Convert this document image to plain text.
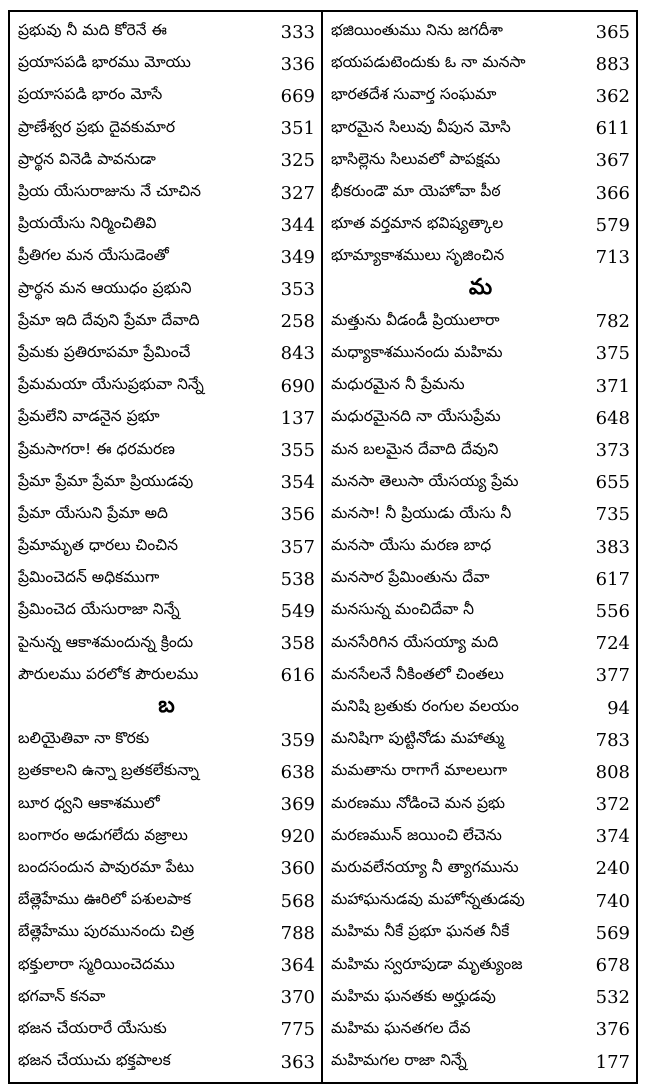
ప్రభువు నీ మది కోరెనే ఈ	333
ప్రయాసపడి భారము మోయు	336
ప్రయాసపడి భారం మోసే	669
ప్రాణేశ్వర ప్రభు దైవకుమార	351
ప్రార్థన వినెడి పావనుడా	325
ప్రియ యేసురాజును నే చూచిన	327
ప్రియయేసు నిర్మించితివి	344
ప్రీతిగల మన యేసుడెంతో	349
ప్రార్థన మన ఆయుధం ప్రభుని	353
ప్రేమా ఇది దేవుని ప్రేమా దేవాది	258
ప్రేమకు ప్రతిరూపమా ప్రేమించే	843
ప్రేమమయా యేసుప్రభువా నిన్నే	690
ప్రేమలేని వాడనైన ప్రభూ	137
ప్రేమసాగరా! ఈ ధరమరణ	355
ప్రేమా ప్రేమా ప్రేమా ప్రియుడవు	354
ప్రేమా యేసుని ప్రేమా అది	356
ప్రేమామృత ధారలు చించిన	357
ప్రేమించెదన్ అధికముగా	538
ప్రేమించెద యేసురాజా నిన్నే	549
పైనున్న ఆకాశమందున్న క్రిందు	358
పౌరులము పరలోక పౌరులము	616
బ
బలియైతివా నా కొరకు	359
బ్రతకాలని ఉన్నా బ్రతకలేకున్నా	638
బూర ధ్వని ఆకాశములో	369
బంగారం అడుగలేదు వజ్రాలు	920
బందసందున పావురమా పేటు	360
బేత్లెహేము ఊరిలో పశులపాక	568
బేత్లెహేము పురమునందు చిత్ర	788
భక్తులారా స్మరియించెదము	364
భగవాన్ కనవా	370
భజన చేయరారే యేసుకు	775
భజన చేయుచు భక్తపాలక	363
భజియింతుము నిను జగదీశా	365
భయపడుటెందుకు ఓ నా మనసా	883
భారతదేశ సువార్త సంఘమా	362
భారమైన సిలువు వీపున మోసి	611
భాసిల్లెను సిలువలో పాపక్షమ	367
భీకరుండౌ మా యెహోవా పీఠ	366
భూత వర్తమాన భవిష్యత్కాల	579
భూమ్యాకాశములు సృజించిన	713
మ
మత్తును వీడండీ ప్రియులారా	782
మధ్యాకాశమునందు మహిమ	375
మధురమైన నీ ప్రేమను	371
మధురమైనది నా యేసుప్రేమ	648
మన బలమైన దేవాది దేవుని	373
మనసా తెలుసా యేసయ్య ప్రేమ	655
మనసా! నీ ప్రియుడు యేసు నీ	735
మనసా యేసు మరణ బాధ	383
మనసార ప్రేమింతును దేవా	617
మనసున్న మంచిదేవా నీ	556
మనసేరిగిన యేసయ్యా మది	724
మనసేలనే నీకింతలో చింతలు	377
మనిషి బ్రతుకు రంగుల వలయం	94
మనిషిగా పుట్టినోడు మహాత్ము	783
మమతాను రాగాగే మాలలుగా	808
మరణము నోడించె మన ప్రభు	372
మరణమున్ జయించి లేచెను	374
మరువలేనయ్యా నీ త్యాగమును	240
మహాఘనుడవు మహోన్నతుడవు	740
మహిమ నీకే ప్రభూ ఘనత నీకే	569
మహిమ స్వరూపుడా మృత్యుంజ	678
మహిమ ఘనతకు అర్హుడవు	532
మహిమ ఘనతగల దేవ	376
మహిమగల రాజా నిన్నే	177
